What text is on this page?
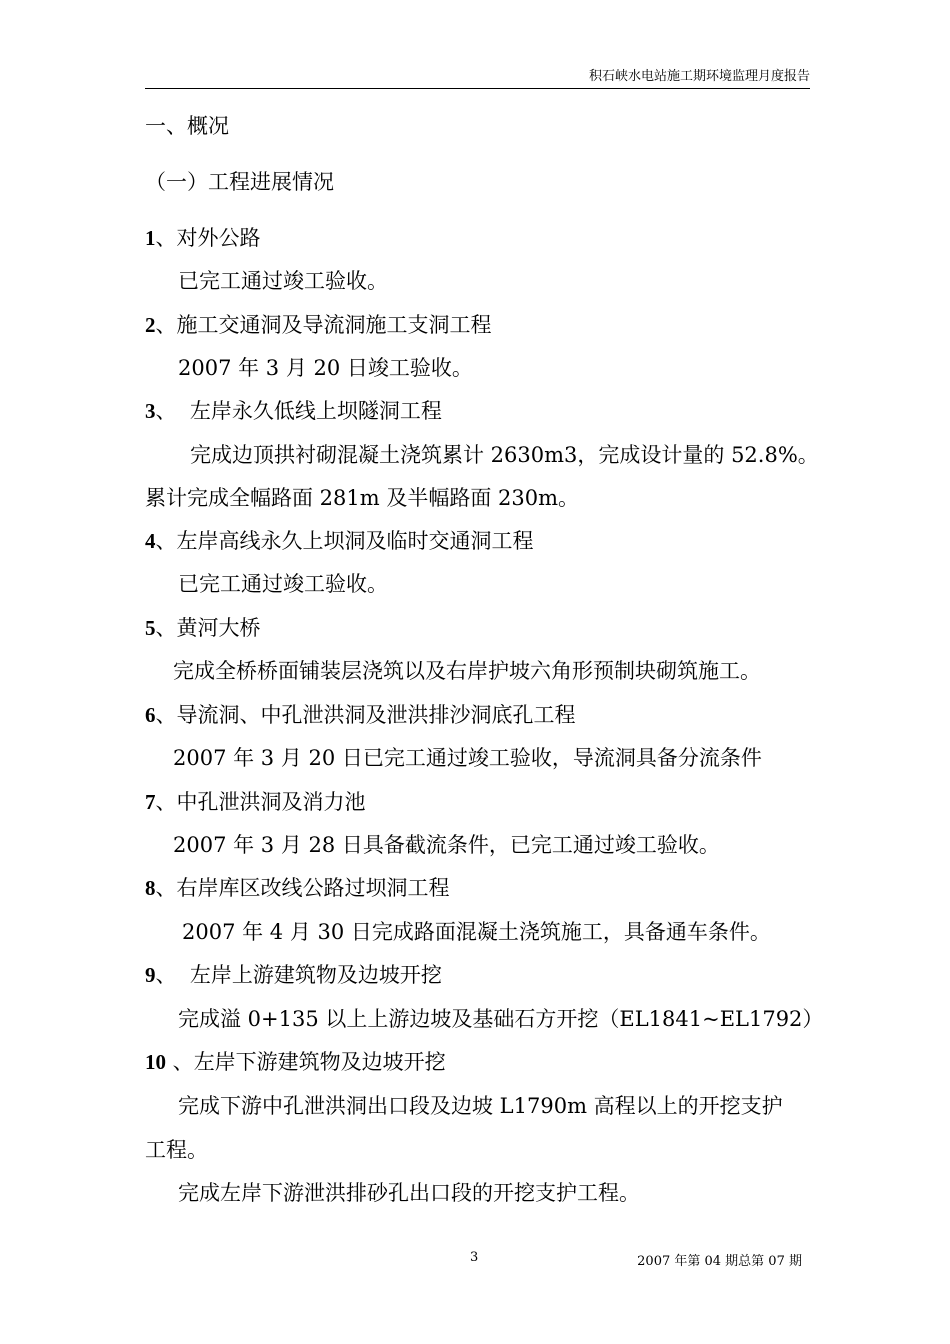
积石峡水电站施工期环境监理月度报告
一、概况
（一）工程进展情况
1、对外公路
已完工通过竣工验收。
2、施工交通洞及导流洞施工支洞工程
2007 年 3 月 20 日竣工验收。
3、  左岸永久低线上坝隧洞工程
完成边顶拱衬砌混凝土浇筑累计 2630m3，完成设计量的 52.8%。
累计完成全幅路面 281m 及半幅路面 230m。
4、左岸高线永久上坝洞及临时交通洞工程
已完工通过竣工验收。
5、黄河大桥
完成全桥桥面铺装层浇筑以及右岸护坡六角形预制块砌筑施工。
6、导流洞、中孔泄洪洞及泄洪排沙洞底孔工程
2007 年 3 月 20 日已完工通过竣工验收，导流洞具备分流条件
7、中孔泄洪洞及消力池
2007 年 3 月 28 日具备截流条件，已完工通过竣工验收。
8、右岸库区改线公路过坝洞工程
2007 年 4 月 30 日完成路面混凝土浇筑施工，具备通车条件。
9、  左岸上游建筑物及边坡开挖
完成溢 0+135 以上上游边坡及基础石方开挖（EL1841~EL1792）
10 、左岸下游建筑物及边坡开挖
完成下游中孔泄洪洞出口段及边坡 L1790m 高程以上的开挖支护
工程。
完成左岸下游泄洪排砂孔出口段的开挖支护工程。
3	2007 年第 04 期总第 07 期
